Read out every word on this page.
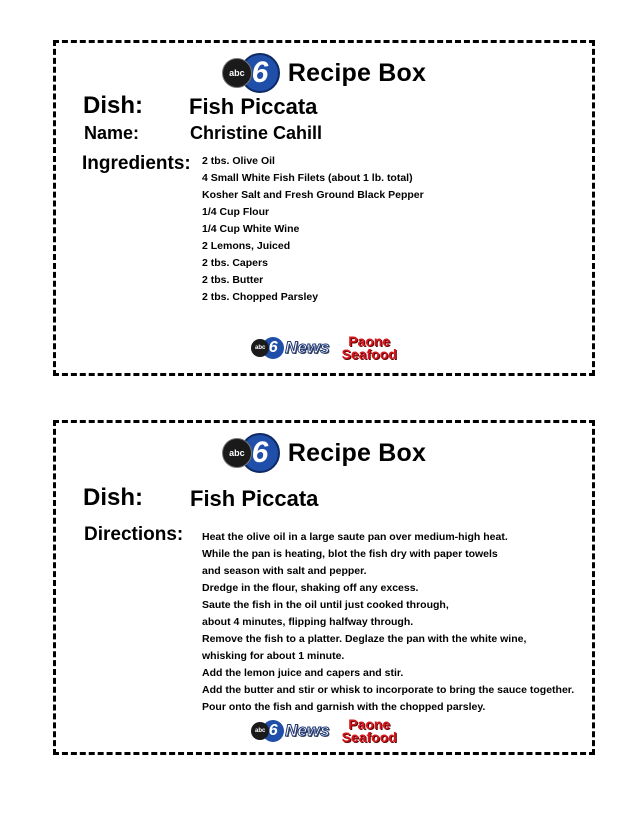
abc 6 Recipe Box
Dish: Fish Piccata
Name:	Christine Cahill
Ingredients: 2 tbs. Olive Oil
4 Small White Fish Filets (about 1 lb. total)
Kosher Salt and Fresh Ground Black Pepper
1/4 Cup Flour
1/4 Cup White Wine
2 Lemons, Juiced
2 tbs. Capers
2 tbs. Butter
2 tbs. Chopped Parsley
abc 6 News Paone
Seafood
abc 6 Recipe Box
Dish: Fish Piccata
Directions: Heat the olive oil in a large saute pan over medium-high heat.
While the pan is heating, blot the fish dry with paper towels
and season with salt and pepper.
Dredge in the flour, shaking off any excess.
Saute the fish in the oil until just cooked through,
about 4 minutes, flipping halfway through.
Remove the fish to a platter. Deglaze the pan with the white wine,
whisking for about 1 minute.
Add the lemon juice and capers and stir.
Add the butter and stir or whisk to incorporate to bring the sauce together.
Pour onto the fish and garnish with the chopped parsley.
abc 6 News Paone
Seafood
